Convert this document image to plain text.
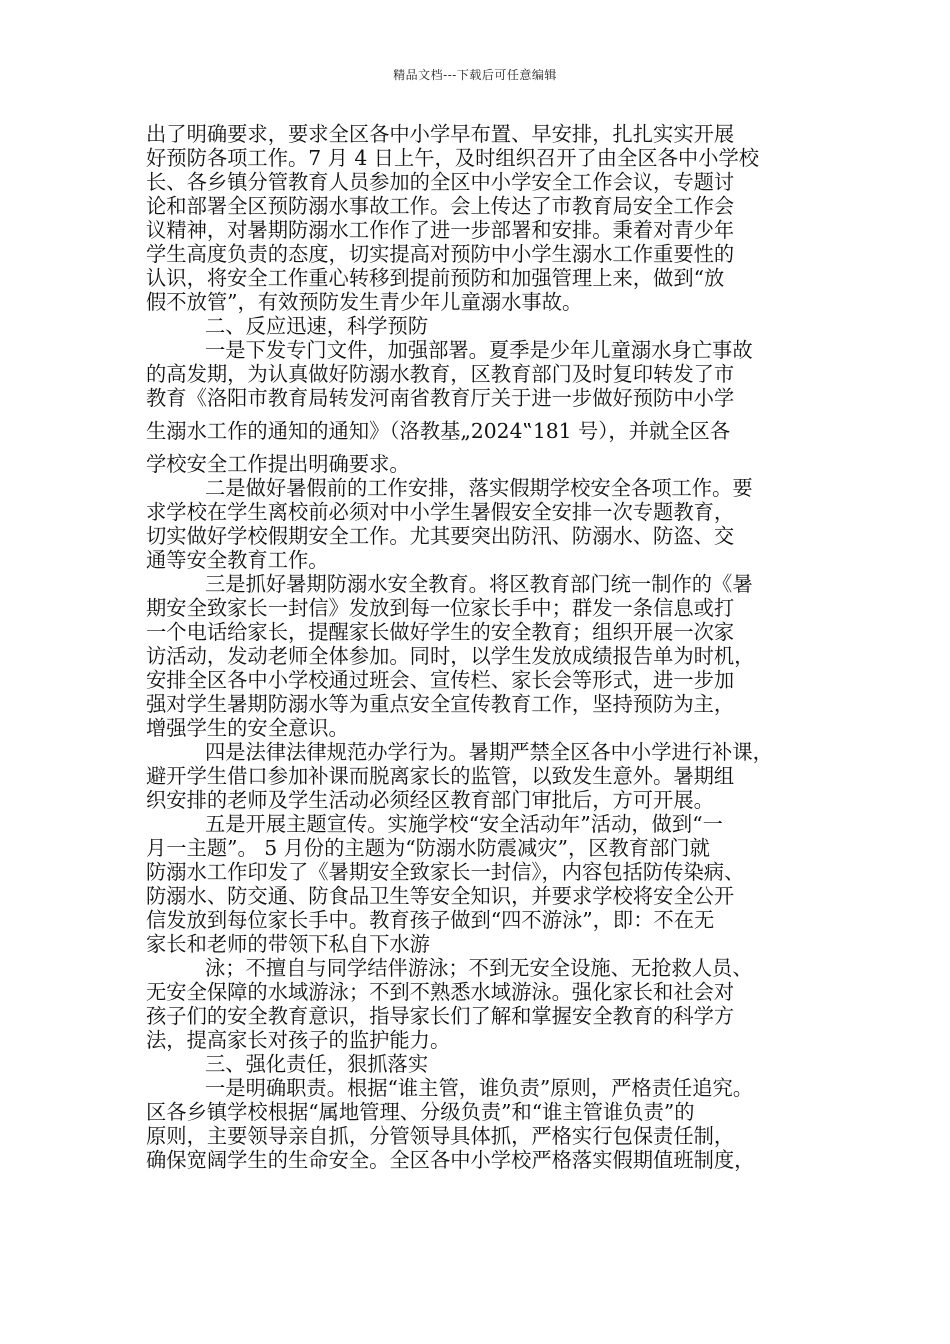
精品文档---下载后可任意编辑
出了明确要求，要求全区各中小学早布置、早安排，扎扎实实开展
好预防各项工作。7 月 4 日上午，及时组织召开了由全区各中小学校
长、各乡镇分管教育人员参加的全区中小学安全工作会议，专题讨
论和部署全区预防溺水事故工作。会上传达了市教育局安全工作会
议精神，对暑期防溺水工作作了进一步部署和安排。秉着对青少年
学生高度负责的态度，切实提高对预防中小学生溺水工作重要性的
认识，将安全工作重心转移到提前预防和加强管理上来，做到“放
假不放管”，有效预防发生青少年儿童溺水事故。
二、反应迅速，科学预防
一是下发专门文件，加强部署。夏季是少年儿童溺水身亡事故
的高发期，为认真做好防溺水教育，区教育部门及时复印转发了市
教育《洛阳市教育局转发河南省教育厅关于进一步做好预防中小学
生溺水工作的通知的通知》（洛教基„2024‟181 号），并就全区各
学校安全工作提出明确要求。
二是做好暑假前的工作安排，落实假期学校安全各项工作。要
求学校在学生离校前必须对中小学生暑假安全安排一次专题教育，
切实做好学校假期安全工作。尤其要突出防汛、防溺水、防盗、交
通等安全教育工作。
三是抓好暑期防溺水安全教育。将区教育部门统一制作的《暑
期安全致家长一封信》发放到每一位家长手中；群发一条信息或打
一个电话给家长，提醒家长做好学生的安全教育；组织开展一次家
访活动，发动老师全体参加。同时，以学生发放成绩报告单为时机，
安排全区各中小学校通过班会、宣传栏、家长会等形式，进一步加
强对学生暑期防溺水等为重点安全宣传教育工作，坚持预防为主，
增强学生的安全意识。
四是法律法律规范办学行为。暑期严禁全区各中小学进行补课，
避开学生借口参加补课而脱离家长的监管，以致发生意外。暑期组
织安排的老师及学生活动必须经区教育部门审批后，方可开展。
五是开展主题宣传。实施学校“安全活动年”活动，做到“一
月一主题”。 5 月份的主题为“防溺水防震减灾”，区教育部门就
防溺水工作印发了《暑期安全致家长一封信》，内容包括防传染病、
防溺水、防交通、防食品卫生等安全知识，并要求学校将安全公开
信发放到每位家长手中。教育孩子做到“四不游泳”，即：不在无
家长和老师的带领下私自下水游
泳；不擅自与同学结伴游泳；不到无安全设施、无抢救人员、
无安全保障的水域游泳；不到不熟悉水域游泳。强化家长和社会对
孩子们的安全教育意识，指导家长们了解和掌握安全教育的科学方
法，提高家长对孩子的监护能力。
三、强化责任，狠抓落实
一是明确职责。根据“谁主管，谁负责”原则，严格责任追究。
区各乡镇学校根据“属地管理、分级负责”和“谁主管谁负责”的
原则，主要领导亲自抓，分管领导具体抓，严格实行包保责任制，
确保宽阔学生的生命安全。全区各中小学校严格落实假期值班制度，
